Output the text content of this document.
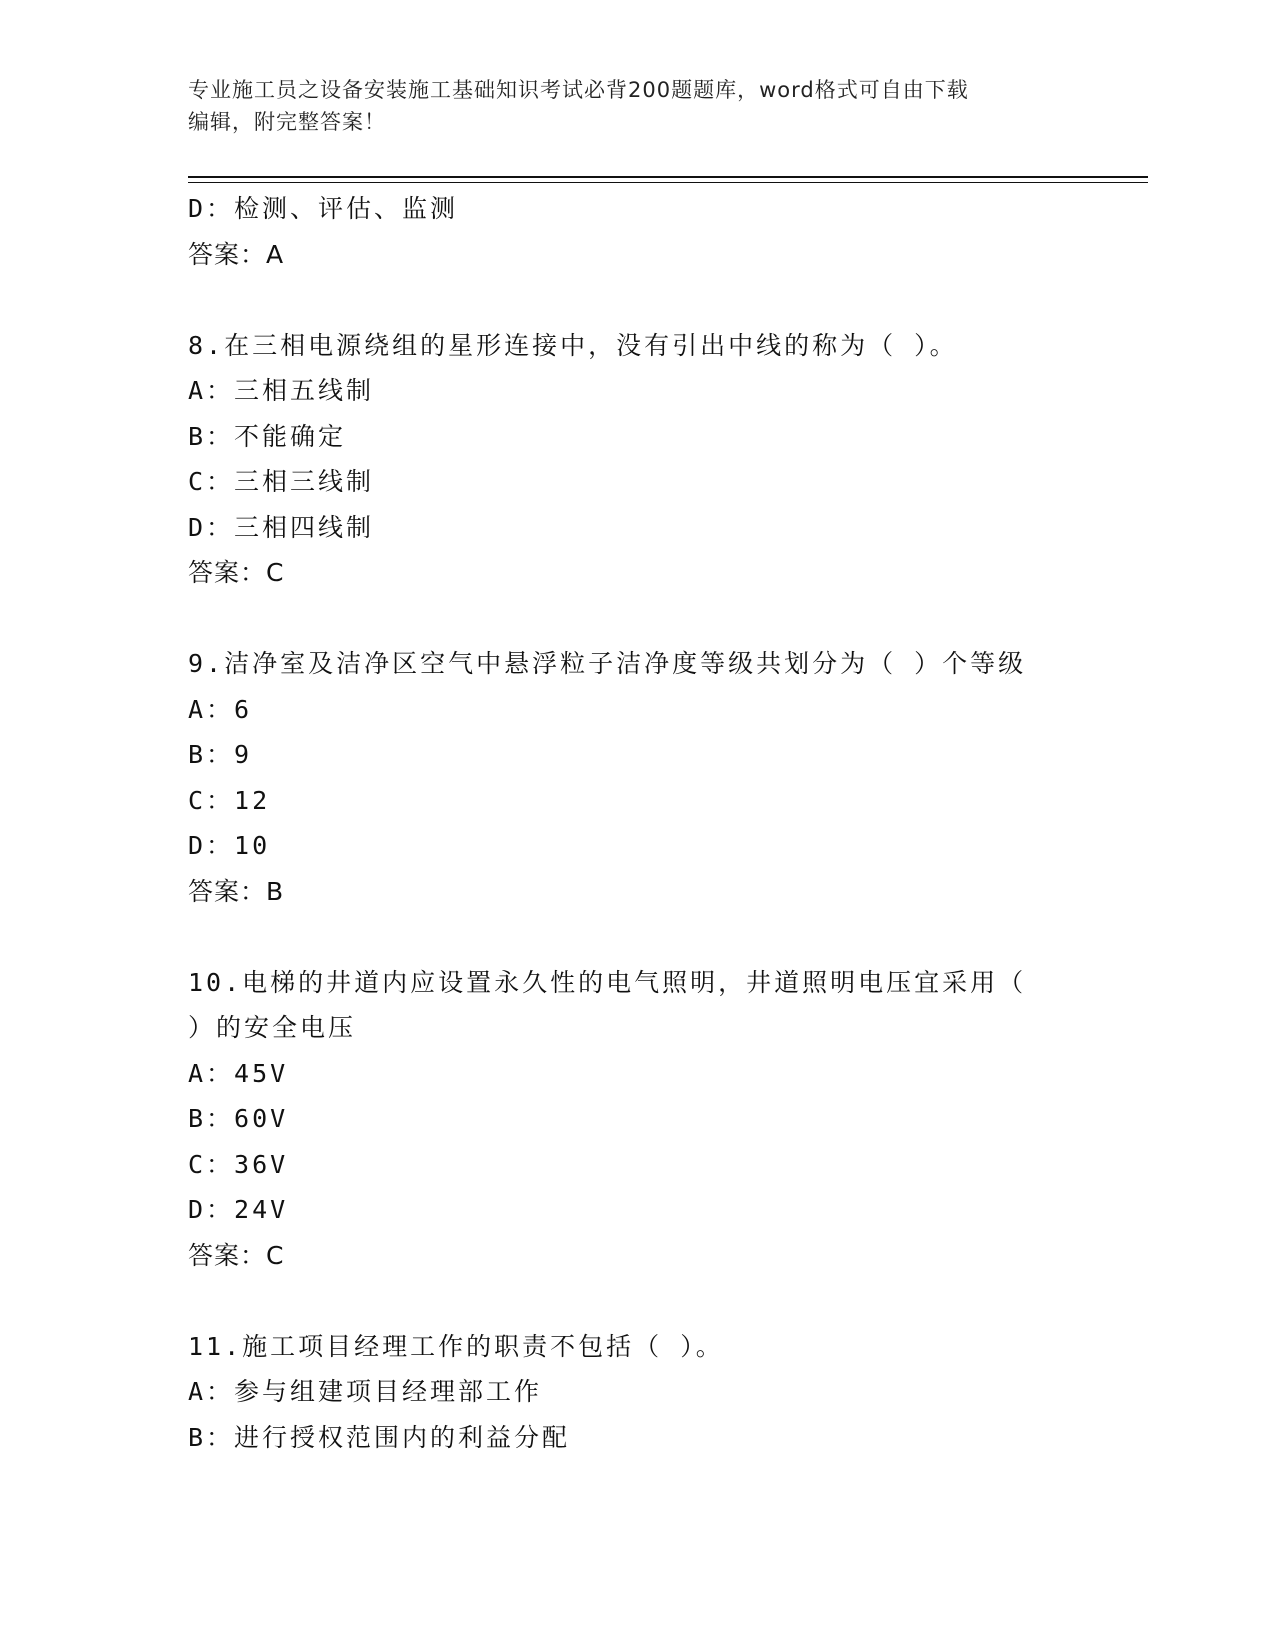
专业施工员之设备安装施工基础知识考试必背200题题库，word格式可自由下载
编辑，附完整答案！
D：检测、评估、监测
答案：A
8.在三相电源绕组的星形连接中，没有引出中线的称为（ ）。
A：三相五线制
B：不能确定
C：三相三线制
D：三相四线制
答案：C
9.洁净室及洁净区空气中悬浮粒子洁净度等级共划分为（ ）个等级
A：6
B：9
C：12
D：10
答案：B
10.电梯的井道内应设置永久性的电气照明，井道照明电压宜采用（
）的安全电压
A：45V
B：60V
C：36V
D：24V
答案：C
11.施工项目经理工作的职责不包括（ ）。
A：参与组建项目经理部工作
B：进行授权范围内的利益分配
